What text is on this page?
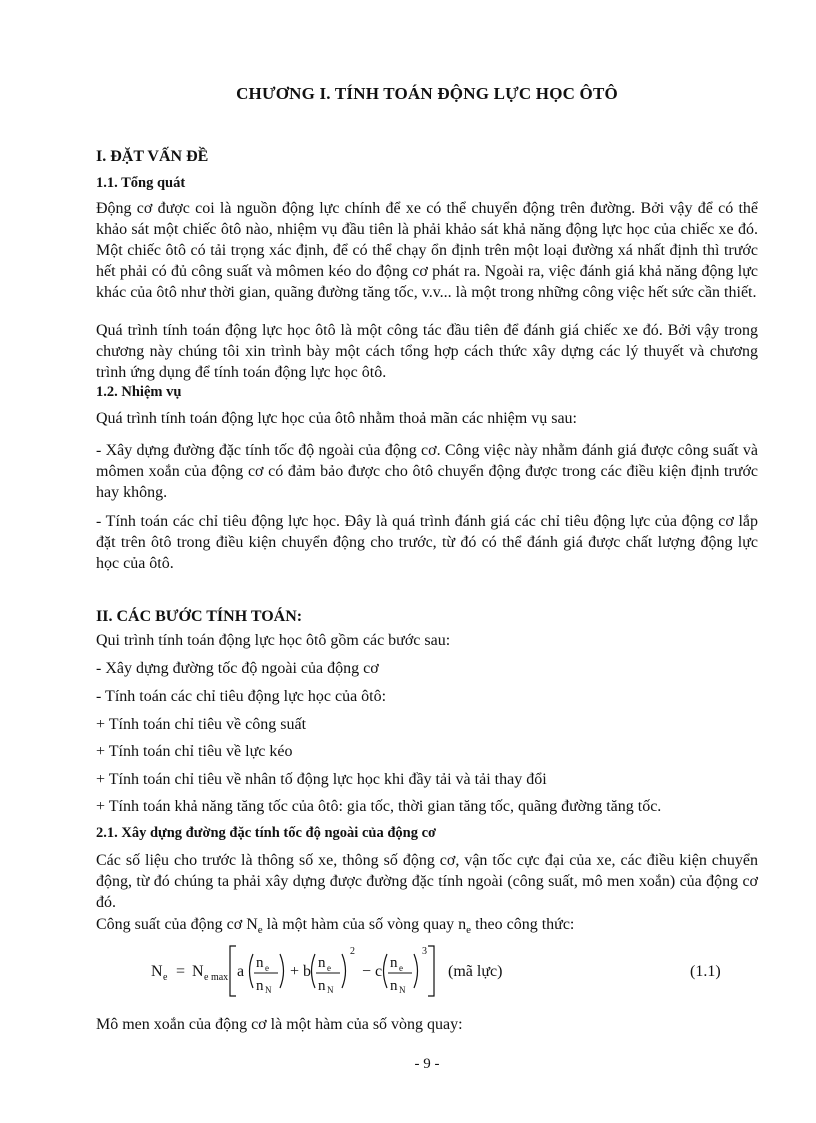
CHƯƠNG I. TÍNH TOÁN ĐỘNG LỰC HỌC ÔTÔ
I. ĐẶT VẤN ĐỀ
1.1. Tổng quát
Động cơ được coi là nguồn động lực chính để xe có thể chuyển động trên đường. Bởi vậy để có thể khảo sát một chiếc ôtô nào, nhiệm vụ đầu tiên là phải khảo sát khả năng động lực học của chiếc xe đó. Một chiếc ôtô có tải trọng xác định, để có thể chạy ổn định trên một loại đường xá nhất định thì trước hết phải có đủ công suất và mômen kéo do động cơ phát ra. Ngoài ra, việc đánh giá khả năng động lực khác của ôtô như thời gian, quãng đường tăng tốc, v.v... là một trong những công việc hết sức cần thiết.
Quá trình tính toán động lực học ôtô là một công tác đầu tiên để đánh giá chiếc xe đó. Bởi vậy trong chương này chúng tôi xin trình bày một cách tổng hợp cách thức xây dựng các lý thuyết và chương trình ứng dụng để tính toán động lực học ôtô.
1.2. Nhiệm vụ
Quá trình tính toán động lực học của ôtô nhằm thoả mãn các nhiệm vụ sau:
- Xây dựng đường đặc tính tốc độ ngoài của động cơ. Công việc này nhằm đánh giá được công suất và mômen xoắn của động cơ có đảm bảo được cho ôtô chuyển động được trong các điều kiện định trước hay không.
- Tính toán các chỉ tiêu động lực học. Đây là quá trình đánh giá các chỉ tiêu động lực của động cơ lắp đặt trên ôtô trong điều kiện chuyển động cho trước, từ đó có thể đánh giá được chất lượng động lực học của ôtô.
II. CÁC BƯỚC TÍNH TOÁN:
Qui trình tính toán động lực học ôtô gồm các bước sau:
- Xây dựng đường tốc độ ngoài của động cơ
- Tính toán các chỉ tiêu động lực học của ôtô:
+ Tính toán chỉ tiêu về công suất
+ Tính toán chỉ tiêu về lực kéo
+ Tính toán chỉ tiêu về nhân tố động lực học khi đầy tải và tải thay đổi
+ Tính toán khả năng tăng tốc của ôtô: gia tốc, thời gian tăng tốc, quãng đường tăng tốc.
2.1. Xây dựng đường đặc tính tốc độ ngoài của động cơ
Các số liệu cho trước là thông số xe, thông số động cơ, vận tốc cực đại của xe, các điều kiện chuyển động, từ đó chúng ta phải xây dựng được đường đặc tính ngoài (công suất, mô men xoắn) của động cơ đó.
Công suất của động cơ $N_e$ là một hàm của số vòng quay $n_e$ theo công thức:
N e = N e max a n e
n N
+ b n e
n N
2
− c n e
n N
3
(mã lực)	(1.1)
Mô men xoắn của động cơ là một hàm của số vòng quay:
- 9 -
